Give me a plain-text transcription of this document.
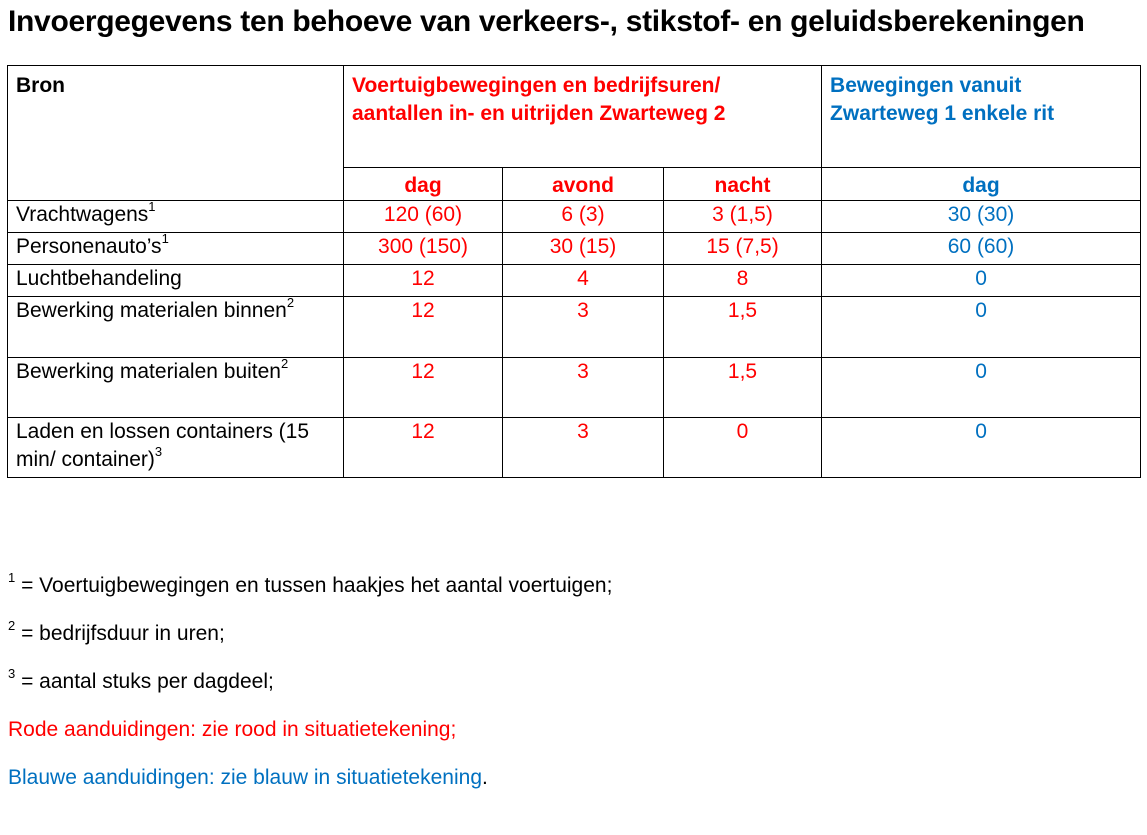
Invoergegevens ten behoeve van verkeers-, stikstof- en geluidsberekeningen
Bron	Voertuigbewegingen en bedrijfsuren/ aantallen in- en uitrijden Zwarteweg 2			Bewegingen vanuit Zwarteweg 1 enkele rit
	dag	avond	nacht	dag
Vrachtwagens$^1$	120 (60)	6 (3)	3 (1,5)	30 (30)
$Personenauto’s^1$	300 (150)	30 (15)	15 (7,5)	60 (60)
Luchtbehandeling	12	4	8	0
Bewerking materialen binnen$^2$	12	3	1,5	0
Bewerking materialen buiten$^2$	12	3	1,5	0
Laden en lossen containers (15 min/ container)$^3$	12	3	0	0

$^1$ = Voertuigbewegingen en tussen haakjes het aantal voertuigen;

$^2$ = bedrijfsduur in uren;

$^3$ = aantal stuks per dagdeel;

Rode aanduidingen: zie rood in situatietekening;

Blauwe aanduidingen: zie blauw in situatietekening.
